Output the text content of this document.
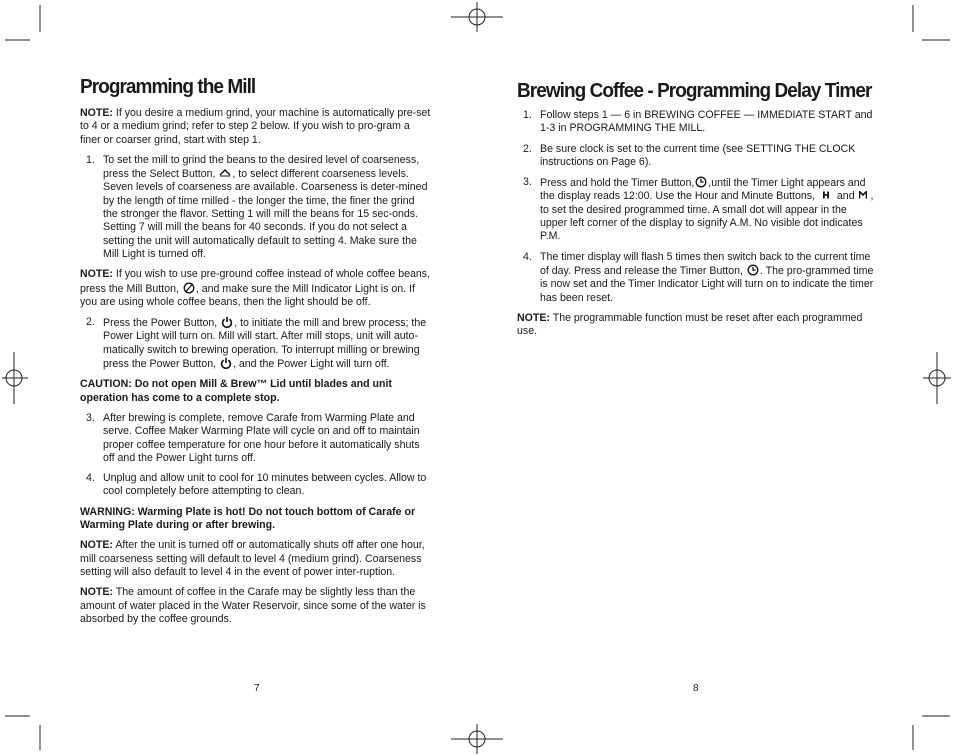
Programming the Mill

NOTE: If you desire a medium grind, your machine is automatically pre-set to 4 or a medium grind; refer to step 2 below. If you wish to pro-gram a finer or coarser grind, start with step 1.

1. To set the mill to grind the beans to the desired level of coarseness, press the Select Button,
, to select different coarseness levels. Seven levels of coarseness are available. Coarseness is deter-mined by the length of time milled - the longer the time, the finer the grind the stronger the flavor. Setting 1 will mill the beans for 15 sec-onds. Setting 7 will mill the beans for 40 seconds. If you do not select a setting the unit will automatically default to setting 4. Make sure the Mill Light is turned off.

NOTE: If you wish to use pre-ground coffee instead of whole coffee beans, press the Mill Button,
, and make sure the Mill Indicator Light is on. If you are using whole coffee beans, then the light should be off.

2. Press the Power Button,
, to initiate the mill and brew process; the Power Light will turn on. Mill will start. After mill stops, unit will auto-matically switch to brewing operation. To interrupt milling or brewing press the Power Button,
, and the Power Light will turn off.

CAUTION: Do not open Mill & Brew™ Lid until blades and unit operation has come to a complete stop.

3. After brewing is complete, remove Carafe from Warming Plate and serve. Coffee Maker Warming Plate will cycle on and off to maintain proper coffee temperature for one hour before it automatically shuts off and the Power Light turns off.
4. Unplug and allow unit to cool for 10 minutes between cycles. Allow to cool completely before attempting to clean.

WARNING: Warming Plate is hot! Do not touch bottom of Carafe or Warming Plate during or after brewing.

NOTE: After the unit is turned off or automatically shuts off after one hour, mill coarseness setting will default to level 4 (medium grind). Coarseness setting will also default to level 4 in the event of power inter-ruption.

NOTE: The amount of coffee in the Carafe may be slightly less than the amount of water placed in the Water Reservoir, since some of the water is absorbed by the coffee grounds.

7
Brewing Coffee - Programming Delay Timer
1. Follow steps 1 — 6 in BREWING COFFEE — IMMEDIATE START and 1-3 in PROGRAMMING THE MILL.
2. Be sure clock is set to the current time (see SETTING THE CLOCK instructions on Page 6).
3. Press and hold the Timer Button, ,until the Timer Light appears and the display reads 12:00. Use the Hour and Minute Buttons,
and
, to set the desired programmed time. A small dot will appear in the upper left corner of the display to signify A.M. No visible dot indicates P.M.
4. The timer display will flash 5 times then switch back to the current time of day. Press and release the Timer Button,
. The pro-grammed time is now set and the Timer Indicator Light will turn on to indicate the timer has been reset.

NOTE: The programmable function must be reset after each programmed use.

8
